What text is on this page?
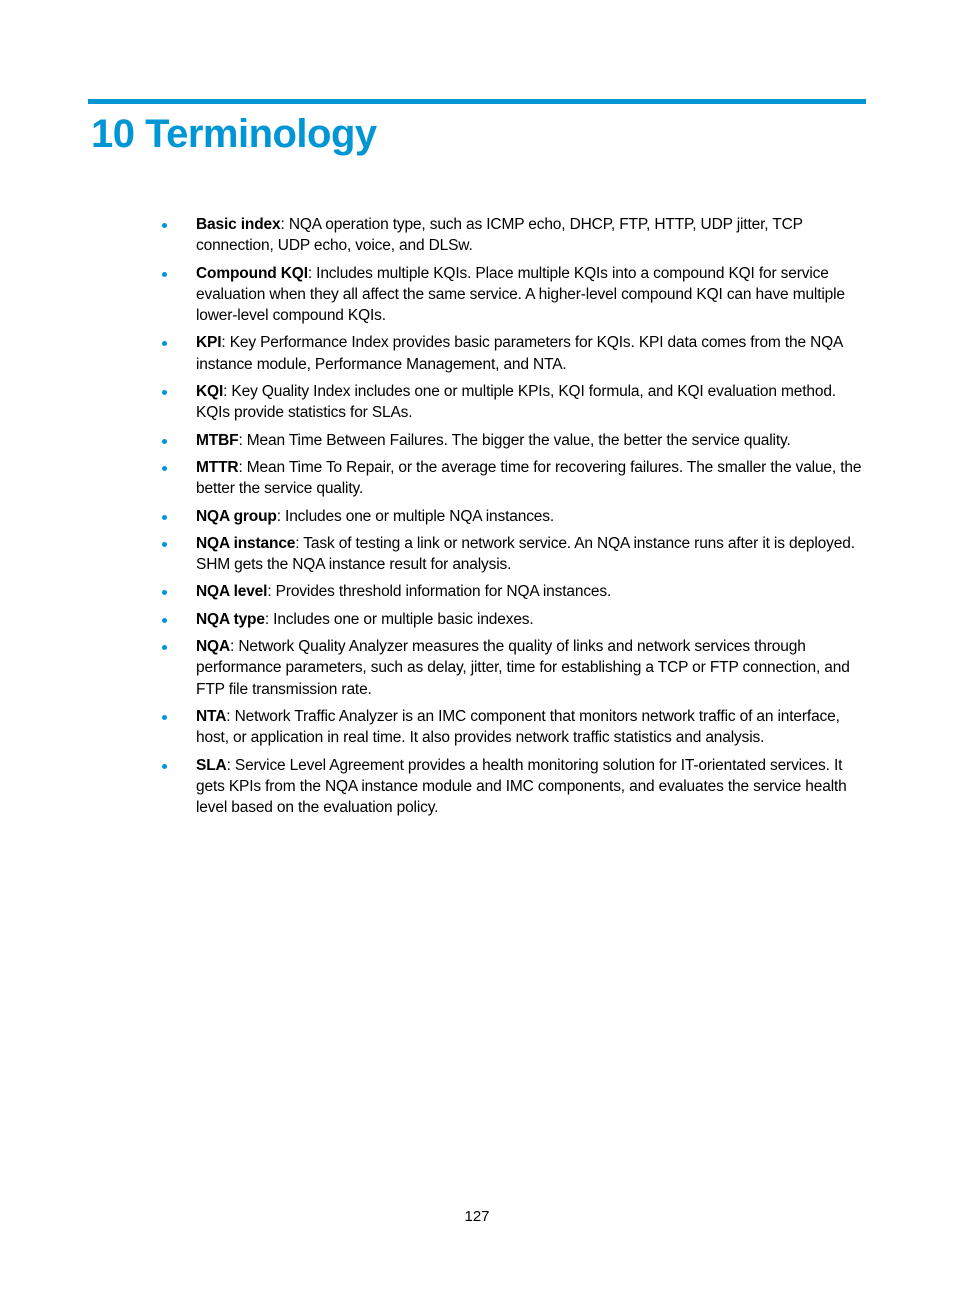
10 Terminology
Basic index: NQA operation type, such as ICMP echo, DHCP, FTP, HTTP, UDP jitter, TCP connection, UDP echo, voice, and DLSw.
Compound KQI: Includes multiple KQIs. Place multiple KQIs into a compound KQI for service evaluation when they all affect the same service. A higher-level compound KQI can have multiple lower-level compound KQIs.
KPI: Key Performance Index provides basic parameters for KQIs. KPI data comes from the NQA instance module, Performance Management, and NTA.
KQI: Key Quality Index includes one or multiple KPIs, KQI formula, and KQI evaluation method. KQIs provide statistics for SLAs.
MTBF: Mean Time Between Failures. The bigger the value, the better the service quality.
MTTR: Mean Time To Repair, or the average time for recovering failures. The smaller the value, the better the service quality.
NQA group: Includes one or multiple NQA instances.
NQA instance: Task of testing a link or network service. An NQA instance runs after it is deployed. SHM gets the NQA instance result for analysis.
NQA level: Provides threshold information for NQA instances.
NQA type: Includes one or multiple basic indexes.
NQA: Network Quality Analyzer measures the quality of links and network services through performance parameters, such as delay, jitter, time for establishing a TCP or FTP connection, and FTP file transmission rate.
NTA: Network Traffic Analyzer is an IMC component that monitors network traffic of an interface, host, or application in real time. It also provides network traffic statistics and analysis.
SLA: Service Level Agreement provides a health monitoring solution for IT-orientated services. It gets KPIs from the NQA instance module and IMC components, and evaluates the service health level based on the evaluation policy.
127
